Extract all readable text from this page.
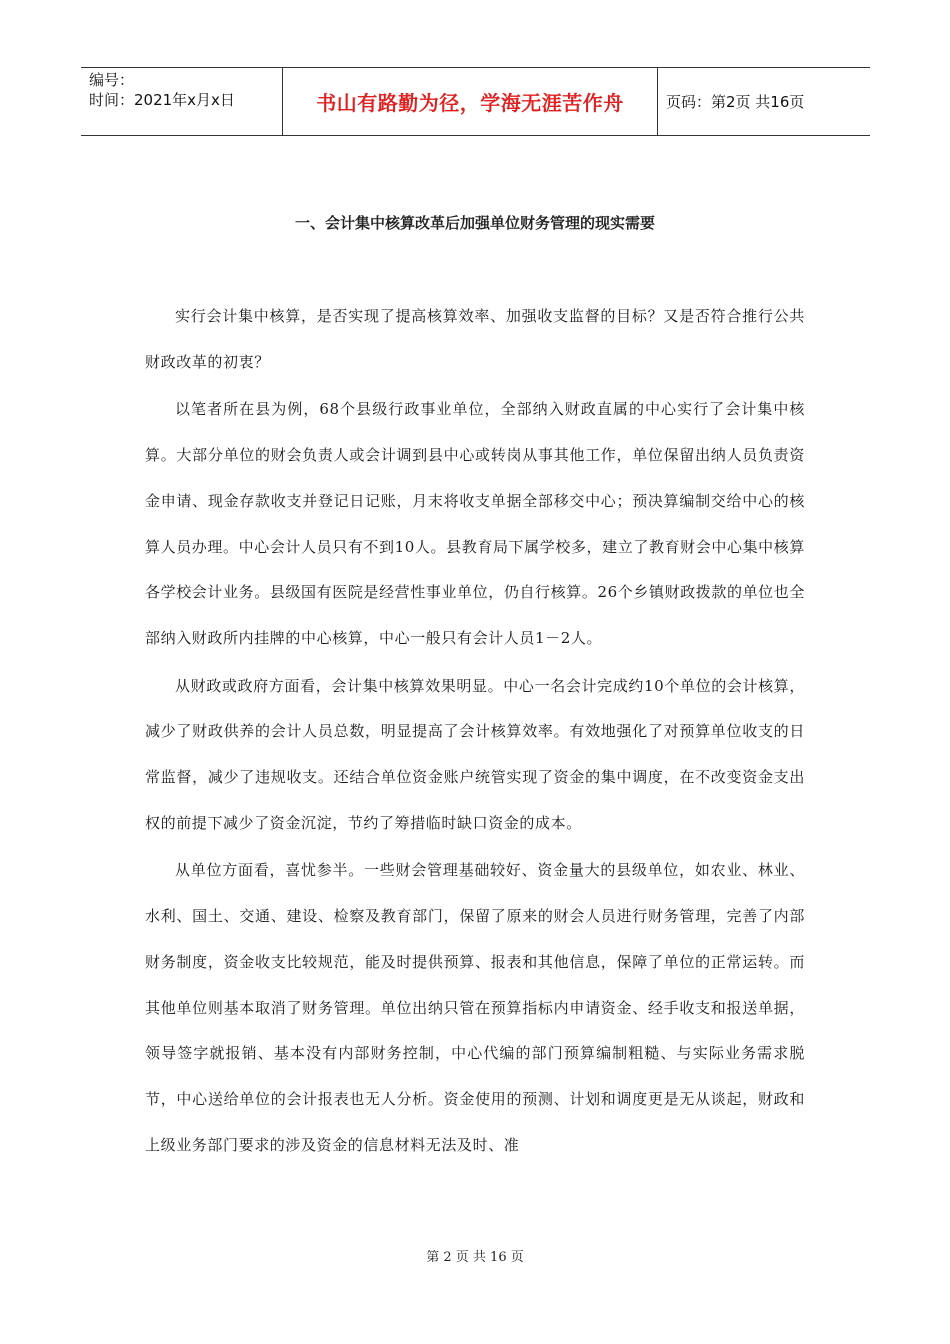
编号：
时间：2021年x月x日	书山有路勤为径，学海无涯苦作舟	页码：第2页 共16页
一、会计集中核算改革后加强单位财务管理的现实需要

实行会计集中核算，是否实现了提高核算效率、加强收支监督的目标？又是否符合推行公共财政改革的初衷？

以笔者所在县为例，68个县级行政事业单位，全部纳入财政直属的中心实行了会计集中核算。大部分单位的财会负责人或会计调到县中心或转岗从事其他工作，单位保留出纳人员负责资金申请、现金存款收支并登记日记账，月末将收支单据全部移交中心；预决算编制交给中心的核算人员办理。中心会计人员只有不到10人。县教育局下属学校多，建立了教育财会中心集中核算各学校会计业务。县级国有医院是经营性事业单位，仍自行核算。26个乡镇财政拨款的单位也全部纳入财政所内挂牌的中心核算，中心一般只有会计人员1－2人。

从财政或政府方面看，会计集中核算效果明显。中心一名会计完成约10个单位的会计核算，减少了财政供养的会计人员总数，明显提高了会计核算效率。有效地强化了对预算单位收支的日常监督，减少了违规收支。还结合单位资金账户统管实现了资金的集中调度，在不改变资金支出权的前提下减少了资金沉淀，节约了筹措临时缺口资金的成本。

从单位方面看，喜忧参半。一些财会管理基础较好、资金量大的县级单位，如农业、林业、水利、国土、交通、建设、检察及教育部门，保留了原来的财会人员进行财务管理，完善了内部财务制度，资金收支比较规范，能及时提供预算、报表和其他信息，保障了单位的正常运转。而其他单位则基本取消了财务管理。单位出纳只管在预算指标内申请资金、经手收支和报送单据，领导签字就报销、基本没有内部财务控制，中心代编的部门预算编制粗糙、与实际业务需求脱节，中心送给单位的会计报表也无人分析。资金使用的预测、计划和调度更是无从谈起，财政和上级业务部门要求的涉及资金的信息材料无法及时、准

第 2 页 共 16 页
